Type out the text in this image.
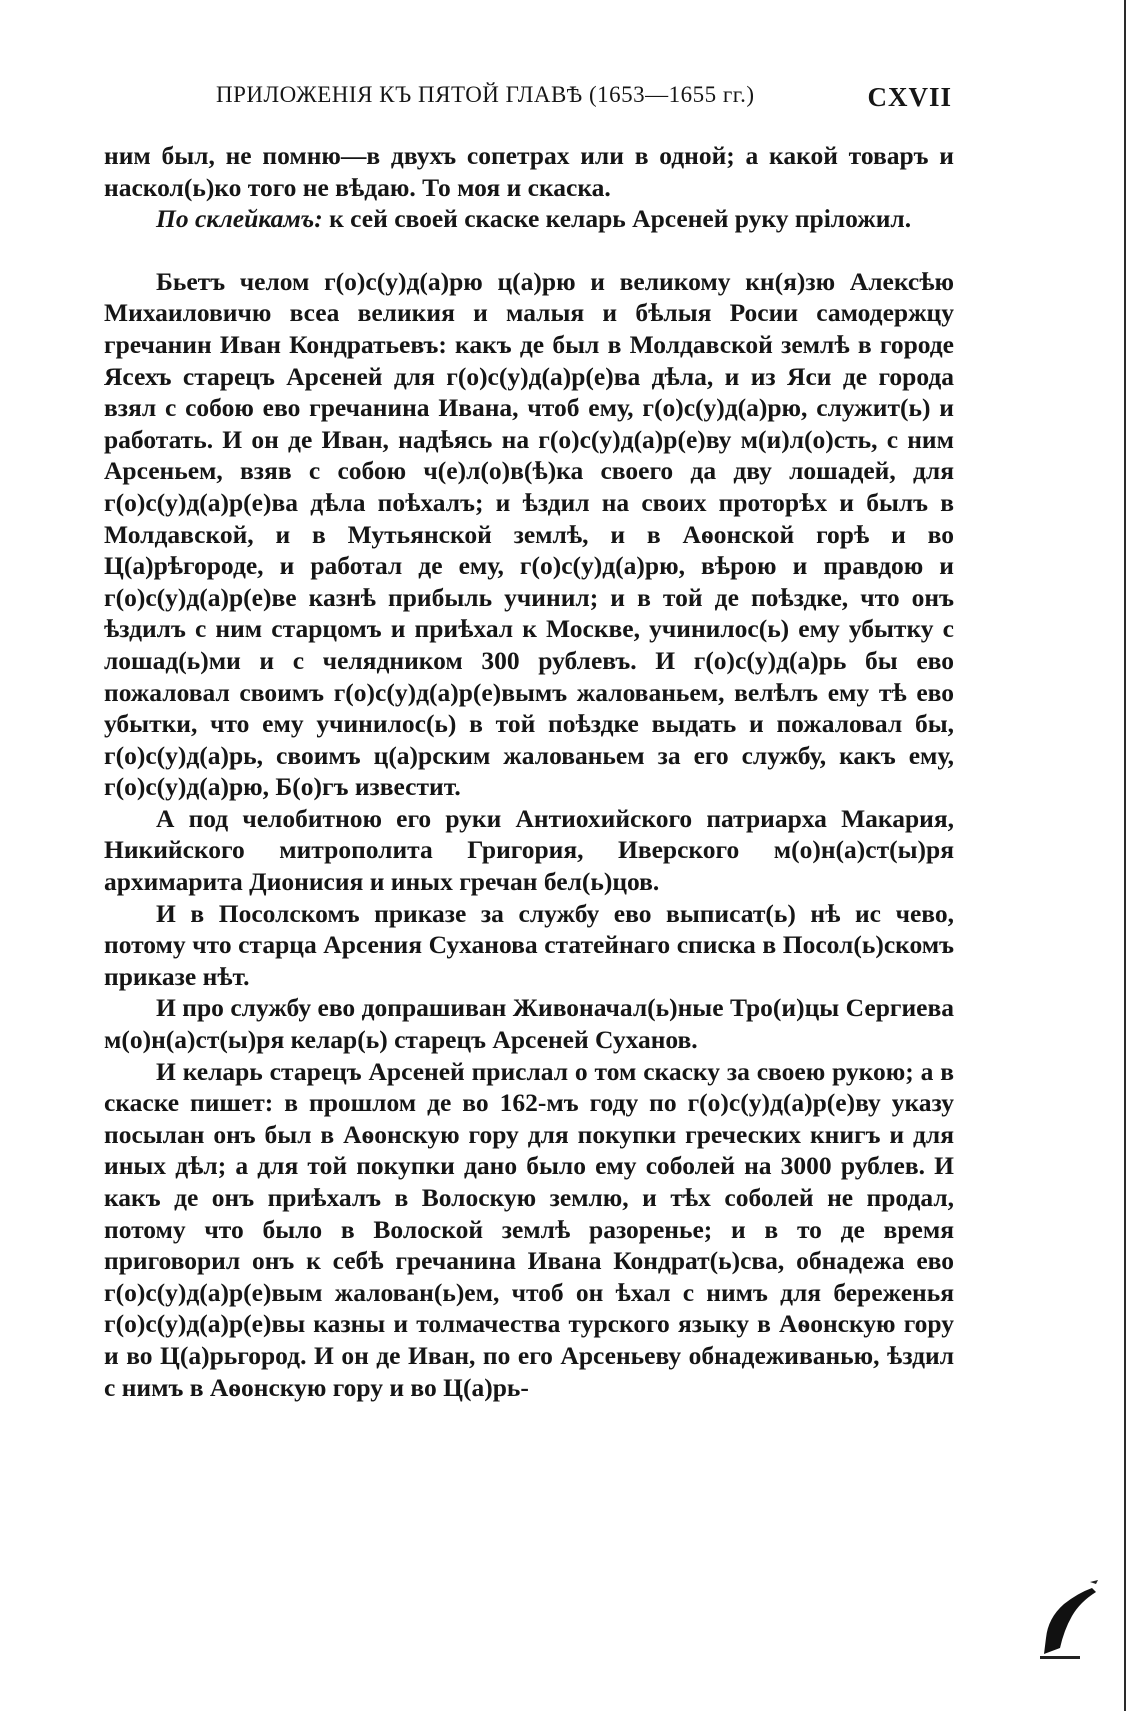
ПРИЛОЖЕНІЯ КЪ ПЯТОЙ ГЛАВѢ (1653—1655 гг.)	CXVII

ним был, не помню—в двухъ сопетрах или в одной; а какой товаръ и наскол(ь)ко того не вѣдаю. То моя и скаска.

По склейкамъ: к сей своей скаске келарь Арсеней руку пріложил.

Бьетъ челом г(о)с(у)д(а)рю ц(а)рю и великому кн(я)зю Алексѣю Михаиловичю всеа великия и малыя и бѣлыя Росии самодержцу гречанин Иван Кондратьевъ: какъ де был в Молдавской землѣ в городе Ясехъ старецъ Арсеней для г(о)с(у)д(а)р(е)ва дѣла, и из Яси де города взял с собою ево гречанина Ивана, чтоб ему, г(о)с(у)д(а)рю, служит(ь) и работать. И он де Иван, надѣясь на г(о)с(у)д(а)р(е)ву м(и)л(о)сть, с ним Арсеньем, взяв с собою ч(е)л(о)в(ѣ)ка своего да дву лошадей, для г(о)с(у)д(а)р(е)ва дѣла поѣхалъ; и ѣздил на своих проторѣх и былъ в Молдавской, и в Мутьянской землѣ, и в Аѳонской горѣ и во Ц(а)рѣгороде, и работал де ему, г(о)с(у)д(а)рю, вѣрою и правдою и г(о)с(у)д(а)р(е)ве казнѣ прибыль учинил; и в той де поѣздке, что онъ ѣздилъ с ним старцомъ и приѣхал к Москве, учинилос(ь) ему убытку с лошад(ь)ми и с челядником 300 рублевъ. И г(о)с(у)д(а)рь бы ево пожаловал своимъ г(о)с(у)д(а)р(е)вымъ жалованьем, велѣлъ ему тѣ ево убытки, что ему учинилос(ь) в той поѣздке выдать и пожаловал бы, г(о)с(у)д(а)рь, своимъ ц(а)рским жалованьем за его службу, какъ ему, г(о)с(у)д(а)рю, Б(о)гъ известит.

А под челобитною его руки Антиохийского патриарха Макария, Никийского митрополита Григория, Иверского м(о)н(а)ст(ы)ря архимарита Дионисия и иных гречан бел(ь)цов.

И в Посолскомъ приказе за службу ево выписат(ь) нѣ ис чево, потому что старца Арсения Суханова статейнаго списка в Посол(ь)скомъ приказе нѣт.

И про службу ево допрашиван Живоначал(ь)ные Тро(и)цы Сергиева м(о)н(а)ст(ы)ря келар(ь) старецъ Арсеней Суханов.

И келарь старецъ Арсеней прислал о том скаску за своею рукою; а в скаске пишет: в прошлом де во 162-мъ году по г(о)с(у)д(а)р(е)ву указу посылан онъ был в Аѳонскую гору для покупки греческих книгъ и для иных дѣл; а для той покупки дано было ему соболей на 3000 рублев. И какъ де онъ приѣхалъ в Волоскую землю, и тѣх соболей не продал, потому что было в Волоской землѣ разоренье; и в то де время приговорил онъ к себѣ гречанина Ивана Кондрат(ь)сва, обнадежа ево г(о)с(у)д(а)р(е)вым жалован(ь)ем, чтоб он ѣхал с нимъ для береженья г(о)с(у)д(а)р(е)вы казны и толмачества турского языку в Аѳонскую гору и во Ц(а)рьгород. И он де Иван, по его Арсеньеву обнадеживанью, ѣздил с нимъ в Аѳонскую гору и во Ц(а)рь-
